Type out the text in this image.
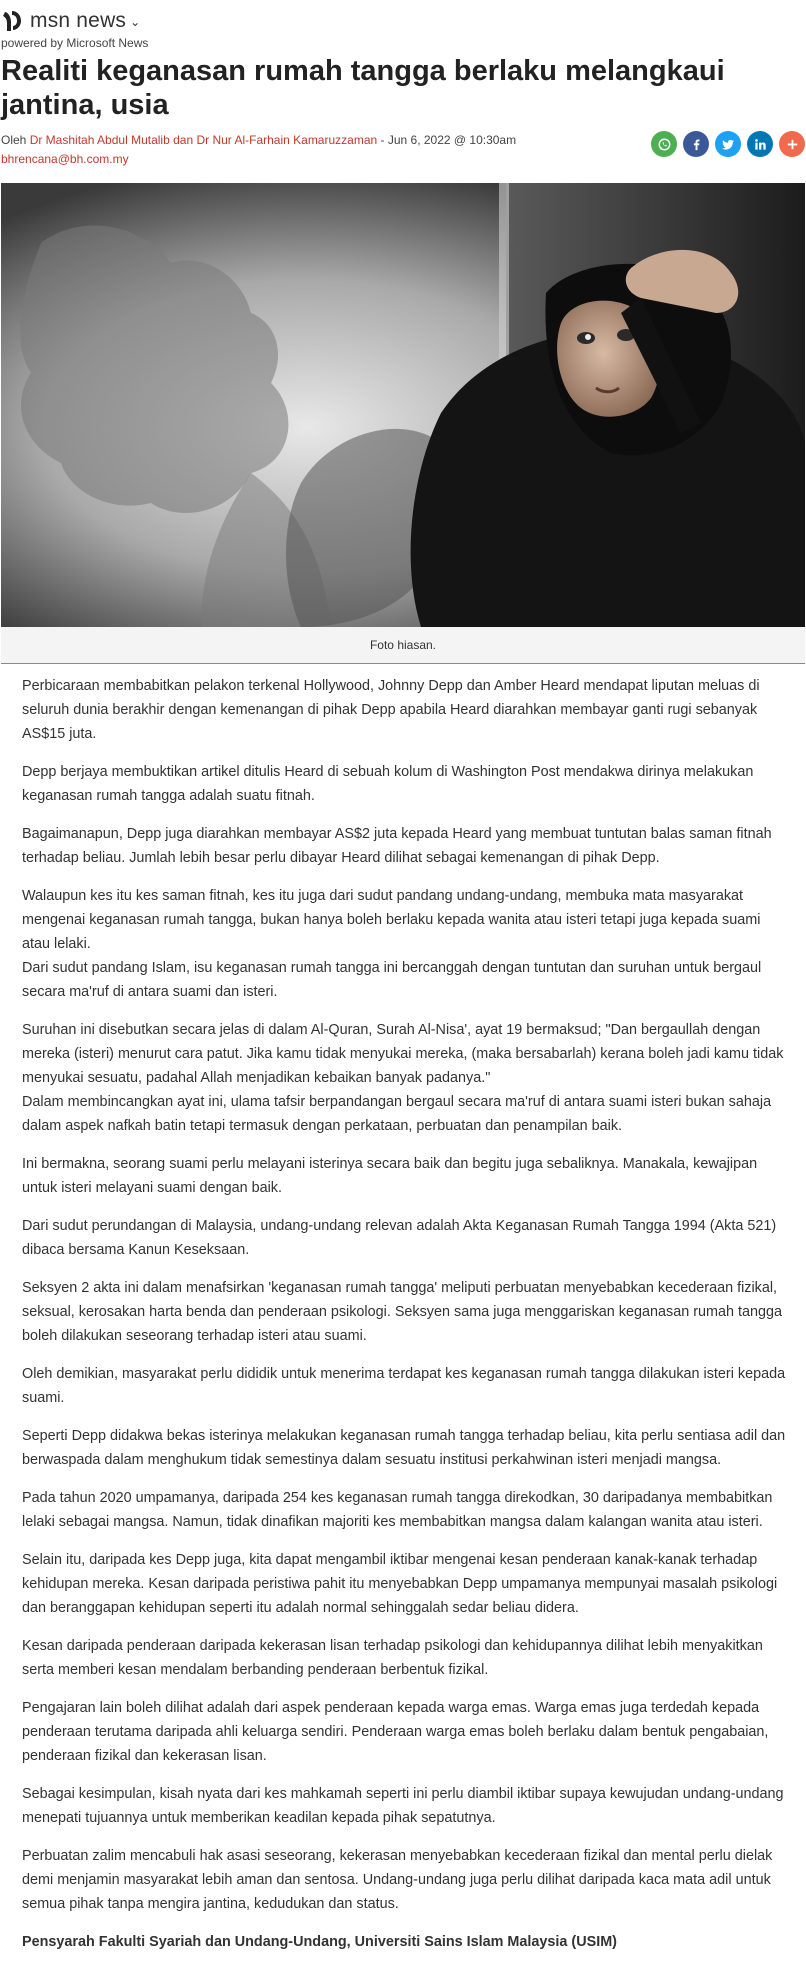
msn news ⌄
powered by Microsoft News
Realiti keganasan rumah tangga berlaku melangkaui jantina, usia
Oleh Dr Mashitah Abdul Mutalib dan Dr Nur Al-Farhain Kamaruzzaman - Jun 6, 2022 @ 10:30am
bhrencana@bh.com.my
Foto hiasan.

Perbicaraan membabitkan pelakon terkenal Hollywood, Johnny Depp dan Amber Heard mendapat liputan meluas di seluruh dunia berakhir dengan kemenangan di pihak Depp apabila Heard diarahkan membayar ganti rugi sebanyak AS$15 juta.

Depp berjaya membuktikan artikel ditulis Heard di sebuah kolum di Washington Post mendakwa dirinya melakukan keganasan rumah tangga adalah suatu fitnah.

Bagaimanapun, Depp juga diarahkan membayar AS$2 juta kepada Heard yang membuat tuntutan balas saman fitnah terhadap beliau. Jumlah lebih besar perlu dibayar Heard dilihat sebagai kemenangan di pihak Depp.

Walaupun kes itu kes saman fitnah, kes itu juga dari sudut pandang undang-undang, membuka mata masyarakat mengenai keganasan rumah tangga, bukan hanya boleh berlaku kepada wanita atau isteri tetapi juga kepada suami atau lelaki.
Dari sudut pandang Islam, isu keganasan rumah tangga ini bercanggah dengan tuntutan dan suruhan untuk bergaul secara ma'ruf di antara suami dan isteri.

Suruhan ini disebutkan secara jelas di dalam Al-Quran, Surah Al-Nisa', ayat 19 bermaksud; "Dan bergaullah dengan mereka (isteri) menurut cara patut. Jika kamu tidak menyukai mereka, (maka bersabarlah) kerana boleh jadi kamu tidak menyukai sesuatu, padahal Allah menjadikan kebaikan banyak padanya."
Dalam membincangkan ayat ini, ulama tafsir berpandangan bergaul secara ma'ruf di antara suami isteri bukan sahaja dalam aspek nafkah batin tetapi termasuk dengan perkataan, perbuatan dan penampilan baik.

Ini bermakna, seorang suami perlu melayani isterinya secara baik dan begitu juga sebaliknya. Manakala, kewajipan untuk isteri melayani suami dengan baik.

Dari sudut perundangan di Malaysia, undang-undang relevan adalah Akta Keganasan Rumah Tangga 1994 (Akta 521) dibaca bersama Kanun Keseksaan.

Seksyen 2 akta ini dalam menafsirkan 'keganasan rumah tangga' meliputi perbuatan menyebabkan kecederaan fizikal, seksual, kerosakan harta benda dan penderaan psikologi. Seksyen sama juga menggariskan keganasan rumah tangga boleh dilakukan seseorang terhadap isteri atau suami.

Oleh demikian, masyarakat perlu dididik untuk menerima terdapat kes keganasan rumah tangga dilakukan isteri kepada suami.

Seperti Depp didakwa bekas isterinya melakukan keganasan rumah tangga terhadap beliau, kita perlu sentiasa adil dan berwaspada dalam menghukum tidak semestinya dalam sesuatu institusi perkahwinan isteri menjadi mangsa.

Pada tahun 2020 umpamanya, daripada 254 kes keganasan rumah tangga direkodkan, 30 daripadanya membabitkan lelaki sebagai mangsa. Namun, tidak dinafikan majoriti kes membabitkan mangsa dalam kalangan wanita atau isteri.

Selain itu, daripada kes Depp juga, kita dapat mengambil iktibar mengenai kesan penderaan kanak-kanak terhadap kehidupan mereka. Kesan daripada peristiwa pahit itu menyebabkan Depp umpamanya mempunyai masalah psikologi dan beranggapan kehidupan seperti itu adalah normal sehinggalah sedar beliau didera.

Kesan daripada penderaan daripada kekerasan lisan terhadap psikologi dan kehidupannya dilihat lebih menyakitkan serta memberi kesan mendalam berbanding penderaan berbentuk fizikal.

Pengajaran lain boleh dilihat adalah dari aspek penderaan kepada warga emas. Warga emas juga terdedah kepada penderaan terutama daripada ahli keluarga sendiri. Penderaan warga emas boleh berlaku dalam bentuk pengabaian, penderaan fizikal dan kekerasan lisan.

Sebagai kesimpulan, kisah nyata dari kes mahkamah seperti ini perlu diambil iktibar supaya kewujudan undang-undang menepati tujuannya untuk memberikan keadilan kepada pihak sepatutnya.

Perbuatan zalim mencabuli hak asasi seseorang, kekerasan menyebabkan kecederaan fizikal dan mental perlu dielak demi menjamin masyarakat lebih aman dan sentosa. Undang-undang juga perlu dilihat daripada kaca mata adil untuk semua pihak tanpa mengira jantina, kedudukan dan status.

Pensyarah Fakulti Syariah dan Undang-Undang, Universiti Sains Islam Malaysia (USIM)
